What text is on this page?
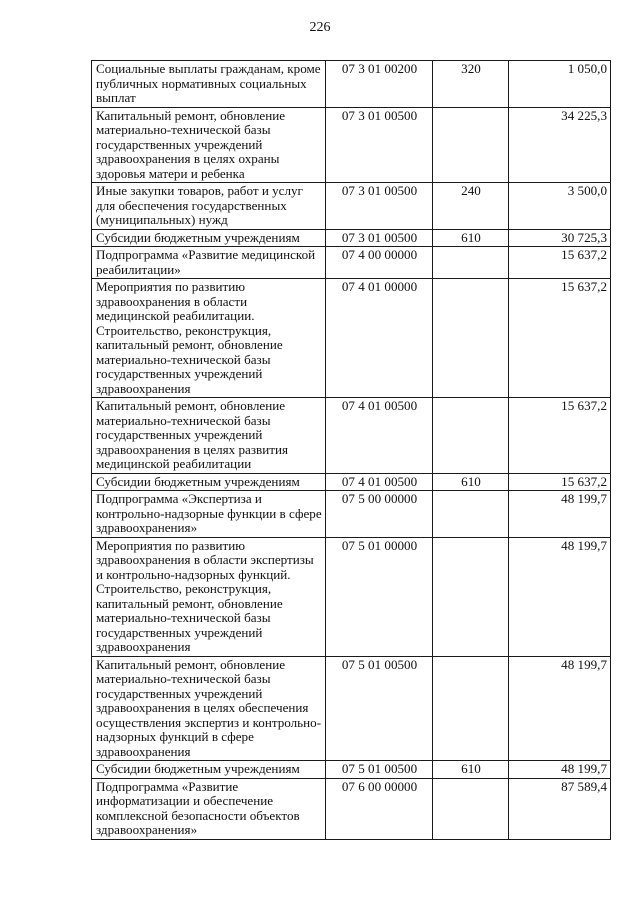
226
Социальные выплаты гражданам, кроме публичных нормативных социальных выплат	07 3 01 00200	320	1 050,0
Капитальный ремонт, обновление материально-технической базы государственных учреждений здравоохранения в целях охраны здоровья матери и ребенка	07 3 01 00500		34 225,3
Иные закупки товаров, работ и услуг для обеспечения государственных (муниципальных) нужд	07 3 01 00500	240	3 500,0
Субсидии бюджетным учреждениям	07 3 01 00500	610	30 725,3
Подпрограмма «Развитие медицинской реабилитации»	07 4 00 00000		15 637,2
Мероприятия по развитию здравоохранения в области медицинской реабилитации. Строительство, реконструкция, капитальный ремонт, обновление материально-технической базы государственных учреждений здравоохранения	07 4 01 00000		15 637,2
Капитальный ремонт, обновление материально-технической базы государственных учреждений здравоохранения в целях развития медицинской реабилитации	07 4 01 00500		15 637,2
Субсидии бюджетным учреждениям	07 4 01 00500	610	15 637,2
Подпрограмма «Экспертиза и контрольно-надзорные функции в сфере здравоохранения»	07 5 00 00000		48 199,7
Мероприятия по развитию здравоохранения в области экспертизы и контрольно-надзорных функций. Строительство, реконструкция, капитальный ремонт, обновление материально-технической базы государственных учреждений здравоохранения	07 5 01 00000		48 199,7
Капитальный ремонт, обновление материально-технической базы государственных учреждений здравоохранения в целях обеспечения осуществления экспертиз и контрольно-надзорных функций в сфере здравоохранения	07 5 01 00500		48 199,7
Субсидии бюджетным учреждениям	07 5 01 00500	610	48 199,7
Подпрограмма «Развитие информатизации и обеспечение комплексной безопасности объектов здравоохранения»	07 6 00 00000		87 589,4
